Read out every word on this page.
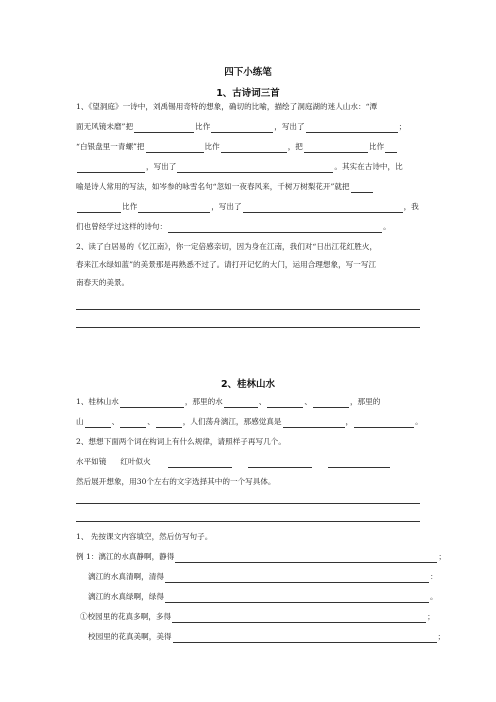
四下小练笔
1、古诗词三首
1、《望洞庭》一诗中，刘禹锡用奇特的想象，确切的比喻，描绘了洞庭湖的迷人山水：“潭
面无风镜未磨”把	比作	，写出了	；
“白银盘里一青螺”把	比作	，把	比作
，写出了	。其实在古诗中，比
喻是诗人常用的写法，如岑参的咏雪名句“忽如一夜春风来，千树万树梨花开”就把
比作	，写出了	，我
们也曾经学过这样的诗句：	。
2、读了白居易的《忆江南》，你一定倍感亲切，因为身在江南，我们对“日出江花红胜火，
春来江水绿如蓝”的美景那是再熟悉不过了。请打开记忆的大门，运用合理想象，写一写江
南春天的美景。
2、桂林山水
1、桂林山水	，那里的水	、	、	，那里的
山	、	、	，人们荡舟漓江，那感觉真是	，	。
2、想想下面两个词在构词上有什么规律，请照样子再写几个。
水平如镜 红叶似火
然后展开想象，用30个左右的文字选择其中的一个写具体。
1、 先按课文内容填空，然后仿写句子。
例 1：漓江的水真静啊，静得	；
漓江的水真清啊，清得	：
漓江的水真绿啊，绿得	。
①校园里的花真多啊，多得	；
校园里的花真美啊，美得	；
